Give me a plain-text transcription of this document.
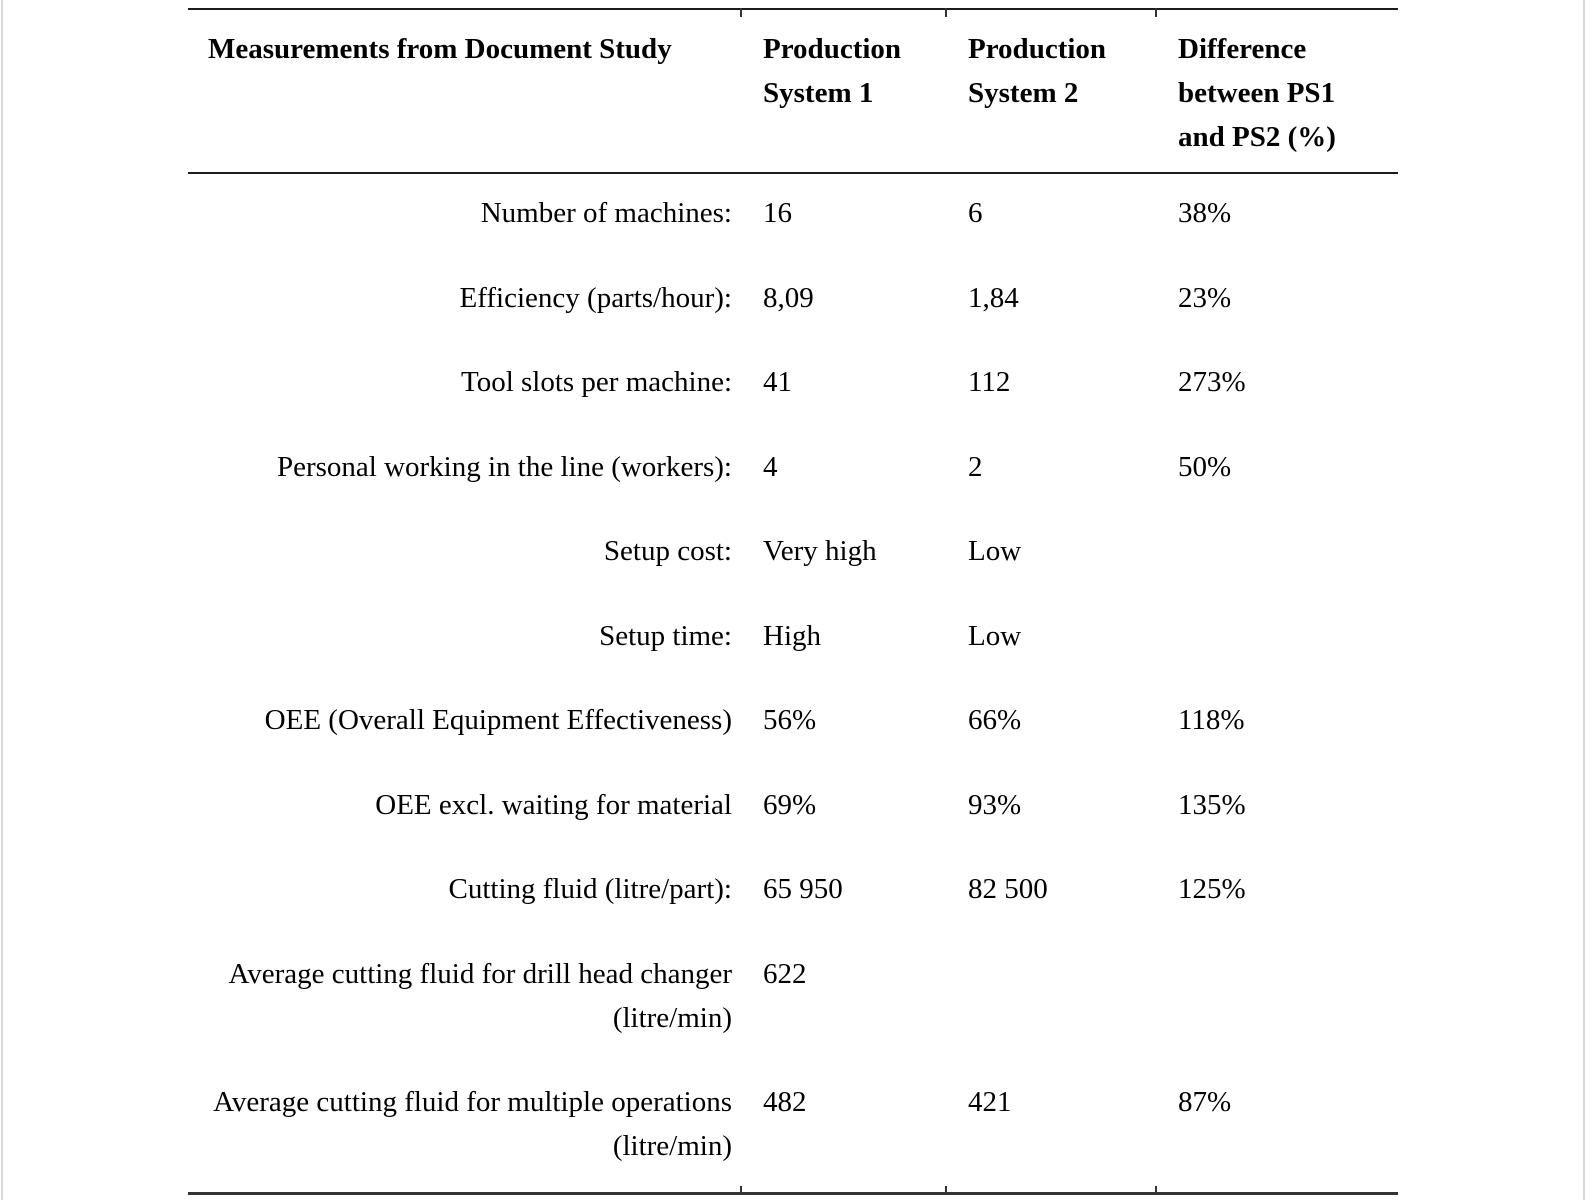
Measurements from Document Study	Production System 1	Production System 2	Difference between PS1 and PS2 (%)
Number of machines:	16	6	38%
Efficiency (parts/hour):	8,09	1,84	23%
Tool slots per machine:	41	112	273%
Personal working in the line (workers):	4	2	50%
Setup cost:	Very high	Low	
Setup time:	High	Low	
OEE (Overall Equipment Effectiveness)	56%	66%	118%
OEE excl. waiting for material	69%	93%	135%
Cutting fluid (litre/part):	65 950	82 500	125%
Average cutting fluid for drill head changer (litre/min)	622		
Average cutting fluid for multiple operations (litre/min)	482	421	87%
